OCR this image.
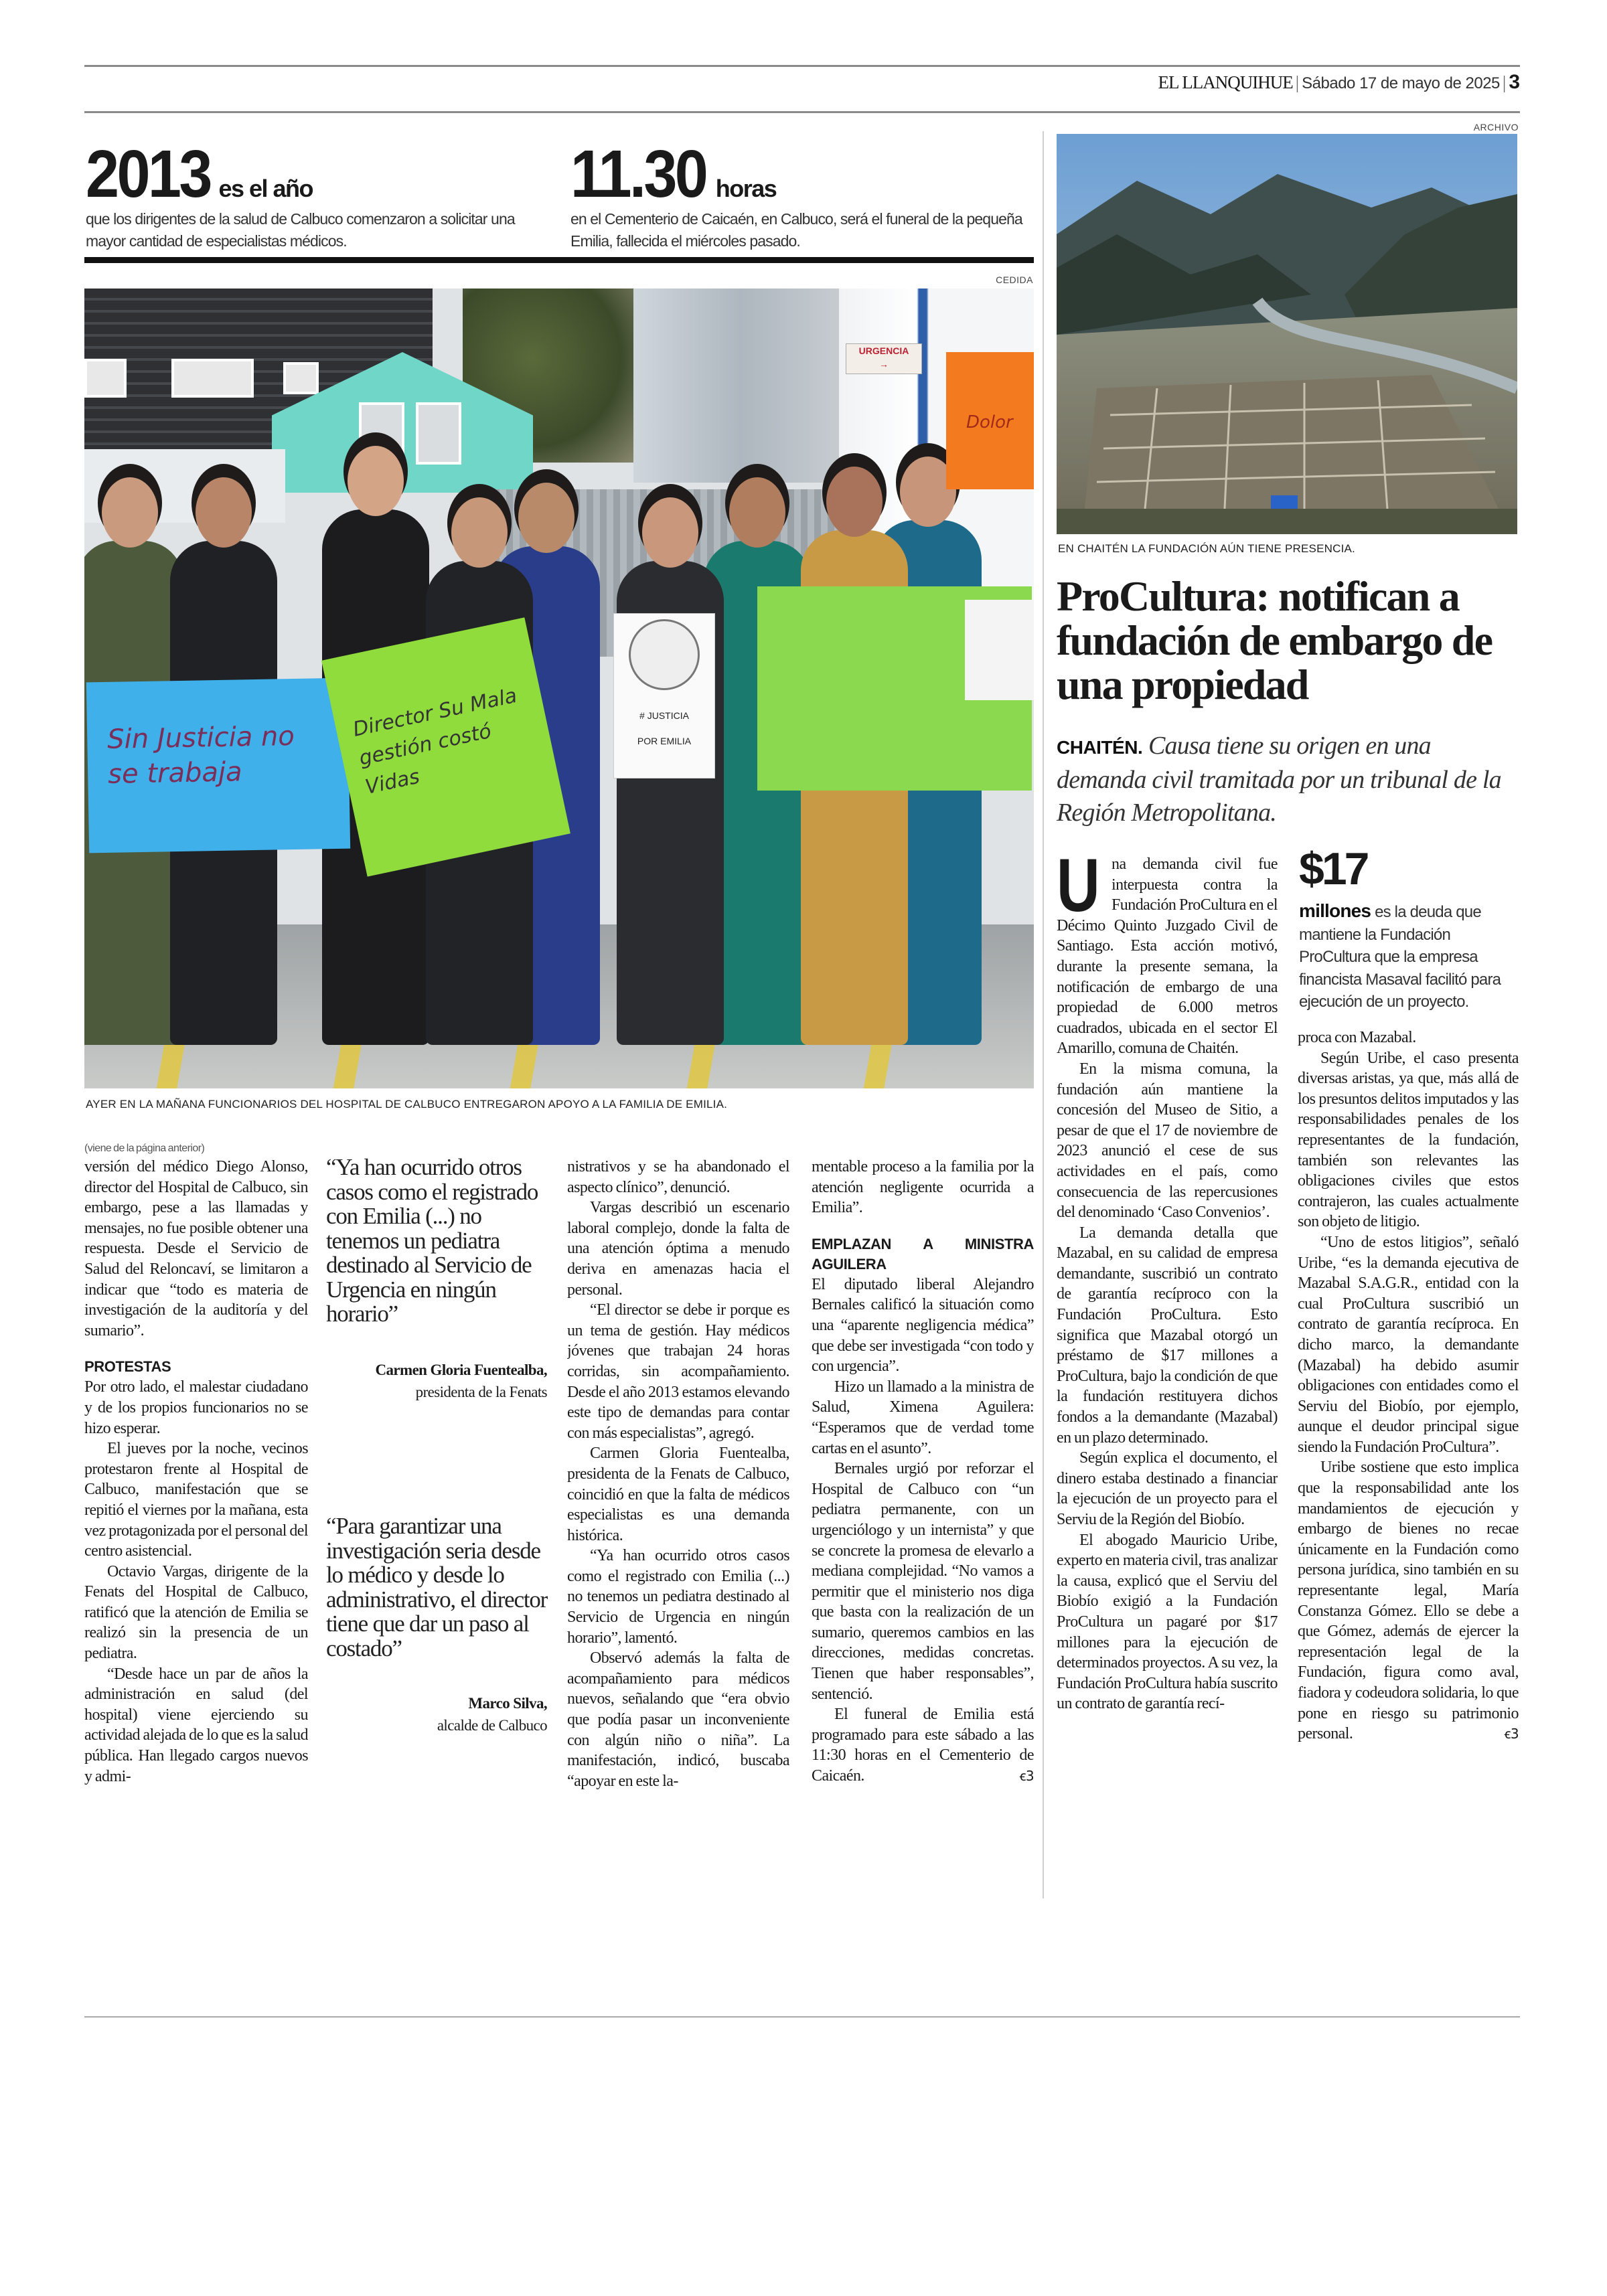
EL LLANQUIHUE | Sábado 17 de mayo de 2025 | 3
2013 es el año
que los dirigentes de la salud de Calbuco comenzaron a solicitar una mayor cantidad de especialistas médicos.
11.30 horas
en el Cementerio de Caicaén, en Calbuco, será el funeral de la pequeña Emilia, fallecida el miércoles pasado.
CEDIDA
URGENCIA
→
Sin Justicia no se trabaja
Director Su Mala gestión costó Vidas
# JUSTICIA
POR EMILIA
Dolor
AYER EN LA MAÑANA FUNCIONARIOS DEL HOSPITAL DE CALBUCO ENTREGARON APOYO A LA FAMILIA DE EMILIA.

(viene de la página anterior)

versión del médico Diego Alonso, director del Hospital de Calbuco, sin embargo, pese a las llamadas y mensajes, no fue posible obtener una respuesta. Desde el Servicio de Salud del Reloncaví, se limitaron a indicar que “todo es materia de investigación de la auditoría y del sumario”.

PROTESTAS

Por otro lado, el malestar ciudadano y de los propios funcionarios no se hizo esperar.

El jueves por la noche, vecinos protestaron frente al Hospital de Calbuco, manifestación que se repitió el viernes por la mañana, esta vez protagonizada por el personal del centro asistencial.

Octavio Vargas, dirigente de la Fenats del Hospital de Calbuco, ratificó que la atención de Emilia se realizó sin la presencia de un pediatra.

“Desde hace un par de años la administración en salud (del hospital) viene ejerciendo su actividad alejada de lo que es la salud pública. Han llegado cargos nuevos y admi-

nistrativos y se ha abandonado el aspecto clínico”, denunció.

Vargas describió un escenario laboral complejo, donde la falta de una atención óptima a menudo deriva en amenazas hacia el personal.

“El director se debe ir porque es un tema de gestión. Hay médicos jóvenes que trabajan 24 horas corridas, sin acompañamiento. Desde el año 2013 estamos elevando este tipo de demandas para contar con más especialistas”, agregó.

Carmen Gloria Fuentealba, presidenta de la Fenats de Calbuco, coincidió en que la falta de médicos especialistas es una demanda histórica.

“Ya han ocurrido otros casos como el registrado con Emilia (...) no tenemos un pediatra destinado al Servicio de Urgencia en ningún horario”, lamentó.

Observó además la falta de acompañamiento para médicos nuevos, señalando que “era obvio que podía pasar un inconveniente con algún niño o niña”. La manifestación, indicó, buscaba “apoyar en este la-

mentable proceso a la familia por la atención negligente ocurrida a Emilia”.

EMPLAZAN A MINISTRA AGUILERA

El diputado liberal Alejandro Bernales calificó la situación como una “aparente negligencia médica” que debe ser investigada “con todo y con urgencia”.

Hizo un llamado a la ministra de Salud, Ximena Aguilera: “Esperamos que de verdad tome cartas en el asunto”.

Bernales urgió por reforzar el Hospital de Calbuco con “un pediatra permanente, con un urgenciólogo y un internista” y que se concrete la promesa de elevarlo a mediana complejidad. “No vamos a permitir que el ministerio nos diga que basta con la realización de un sumario, queremos cambios en las direcciones, medidas concretas. Tienen que haber responsables”, sentenció.

El funeral de Emilia está programado para este sábado a las 11:30 horas en el Cementerio de Caicaén.	ꞓ3

“Ya han ocurrido otros casos como el registrado con Emilia (...) no tenemos un pediatra destinado al Servicio de Urgencia en ningún horario”
Carmen Gloria Fuentealba,
presidenta de la Fenats
“Para garantizar una investigación seria desde lo médico y desde lo administrativo, el director tiene que dar un paso al costado”
Marco Silva,
alcalde de Calbuco
ARCHIVO
EN CHAITÉN LA FUNDACIÓN AÚN TIENE PRESENCIA.
ProCultura: notifican a fundación de embargo de una propiedad
CHAITÉN. Causa tiene su origen en una demanda civil tramitada por un tribunal de la Región Metropolitana.

Una demanda civil fue interpuesta contra la Fundación ProCultura en el Décimo Quinto Juzgado Civil de Santiago. Esta acción motivó, durante la presente semana, la notificación de embargo de una propiedad de 6.000 metros cuadrados, ubicada en el sector El Amarillo, comuna de Chaitén.

En la misma comuna, la fundación aún mantiene la concesión del Museo de Sitio, a pesar de que el 17 de noviembre de 2023 anunció el cese de sus actividades en el país, como consecuencia de las repercusiones del denominado ‘Caso Convenios’.

La demanda detalla que Mazabal, en su calidad de empresa demandante, suscribió un contrato de garantía recíproco con la Fundación ProCultura. Esto significa que Mazabal otorgó un préstamo de $17 millones a ProCultura, bajo la condición de que la fundación restituyera dichos fondos a la demandante (Mazabal) en un plazo determinado.

Según explica el documento, el dinero estaba destinado a financiar la ejecución de un proyecto para el Serviu de la Región del Biobío.

El abogado Mauricio Uribe, experto en materia civil, tras analizar la causa, explicó que el Serviu del Biobío exigió a la Fundación ProCultura un pagaré por $17 millones para la ejecución de determinados proyectos. A su vez, la Fundación ProCultura había suscrito un contrato de garantía recí-

$17
millones es la deuda que mantiene la Fundación ProCultura que la empresa financista Masaval facilitó para ejecución de un proyecto.

proca con Mazabal.

Según Uribe, el caso presenta diversas aristas, ya que, más allá de los presuntos delitos imputados y las responsabilidades penales de los representantes de la fundación, también son relevantes las obligaciones civiles que estos contrajeron, las cuales actualmente son objeto de litigio.

“Uno de estos litigios”, señaló Uribe, “es la demanda ejecutiva de Mazabal S.A.G.R., entidad con la cual ProCultura suscribió un contrato de garantía recíproca. En dicho marco, la demandante (Mazabal) ha debido asumir obligaciones con entidades como el Serviu del Biobío, por ejemplo, aunque el deudor principal sigue siendo la Fundación ProCultura”.

Uribe sostiene que esto implica que la responsabilidad ante los mandamientos de ejecución y embargo de bienes no recae únicamente en la Fundación como persona jurídica, sino también en su representante legal, María Constanza Gómez. Ello se debe a que Gómez, además de ejercer la representación legal de la Fundación, figura como aval, fiadora y codeudora solidaria, lo que pone en riesgo su patrimonio personal.	ꞓ3
